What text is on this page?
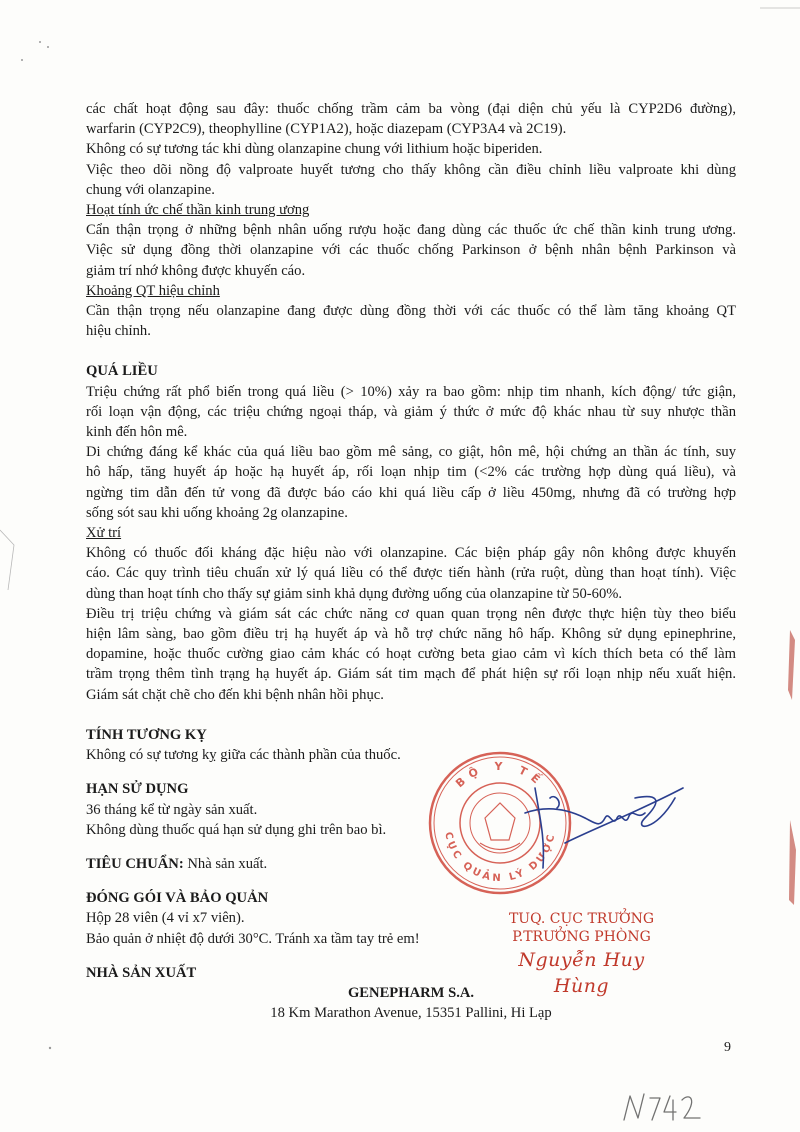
các chất hoạt động sau đây: thuốc chống trầm cảm ba vòng (đại diện chủ yếu là CYP2D6 đường),

warfarin (CYP2C9), theophylline (CYP1A2), hoặc diazepam (CYP3A4 và 2C19).

Không có sự tương tác khi dùng olanzapine chung với lithium hoặc biperiden.

Việc theo dõi nồng độ valproate huyết tương cho thấy không cần điều chỉnh liều valproate khi dùng

chung với olanzapine.

Hoạt tính ức chế thần kinh trung ương

Cẩn thận trọng ở những bệnh nhân uống rượu hoặc đang dùng các thuốc ức chế thần kinh trung ương.

Việc sử dụng đồng thời olanzapine với các thuốc chống Parkinson ở bệnh nhân bệnh Parkinson và

giảm trí nhớ không được khuyến cáo.

Khoảng QT hiệu chỉnh

Cần thận trọng nếu olanzapine đang được dùng đồng thời với các thuốc có thể làm tăng khoảng QT

hiệu chỉnh.

QUÁ LIỀU

Triệu chứng rất phổ biến trong quá liều (> 10%) xảy ra bao gồm: nhịp tim nhanh, kích động/ tức giận,

rối loạn vận động, các triệu chứng ngoại tháp, và giảm ý thức ở mức độ khác nhau từ suy nhược thần

kinh đến hôn mê.

Di chứng đáng kể khác của quá liều bao gồm mê sảng, co giật, hôn mê, hội chứng an thần ác tính, suy

hô hấp, tăng huyết áp hoặc hạ huyết áp, rối loạn nhịp tim (<2% các trường hợp dùng quá liều), và

ngừng tim dẫn đến tử vong đã được báo cáo khi quá liều cấp ở liều 450mg, nhưng đã có trường hợp

sống sót sau khi uống khoảng 2g olanzapine.

Xử trí

Không có thuốc đối kháng đặc hiệu nào với olanzapine. Các biện pháp gây nôn không được khuyến

cáo. Các quy trình tiêu chuẩn xử lý quá liều có thể được tiến hành (rửa ruột, dùng than hoạt tính). Việc

dùng than hoạt tính cho thấy sự giảm sinh khả dụng đường uống của olanzapine từ 50-60%.

Điều trị triệu chứng và giám sát các chức năng cơ quan quan trọng nên được thực hiện tùy theo biểu

hiện lâm sàng, bao gồm điều trị hạ huyết áp và hỗ trợ chức năng hô hấp. Không sử dụng epinephrine,

dopamine, hoặc thuốc cường giao cảm khác có hoạt cường beta giao cảm vì kích thích beta có thể làm

trầm trọng thêm tình trạng hạ huyết áp. Giám sát tim mạch để phát hiện sự rối loạn nhịp nếu xuất hiện.

Giám sát chặt chẽ cho đến khi bệnh nhân hồi phục.

TÍNH TƯƠNG KỴ

Không có sự tương kỵ giữa các thành phần của thuốc.

HẠN SỬ DỤNG

36 tháng kể từ ngày sản xuất.

Không dùng thuốc quá hạn sử dụng ghi trên bao bì.

TIÊU CHUẨN: Nhà sản xuất.

ĐÓNG GÓI VÀ BẢO QUẢN

Hộp 28 viên (4 vỉ x7 viên).

Bảo quản ở nhiệt độ dưới 30°C. Tránh xa tầm tay trẻ em!

NHÀ SẢN XUẤT

GENEPHARM S.A.

18 Km Marathon Avenue, 15351 Pallini, Hi Lạp

BỘ Y TẾ
CỤC QUẢN LÝ DƯỢC
TUQ. CỤC TRƯỞNG
P.TRƯỞNG PHÒNG
Nguyễn Huy Hùng
9
